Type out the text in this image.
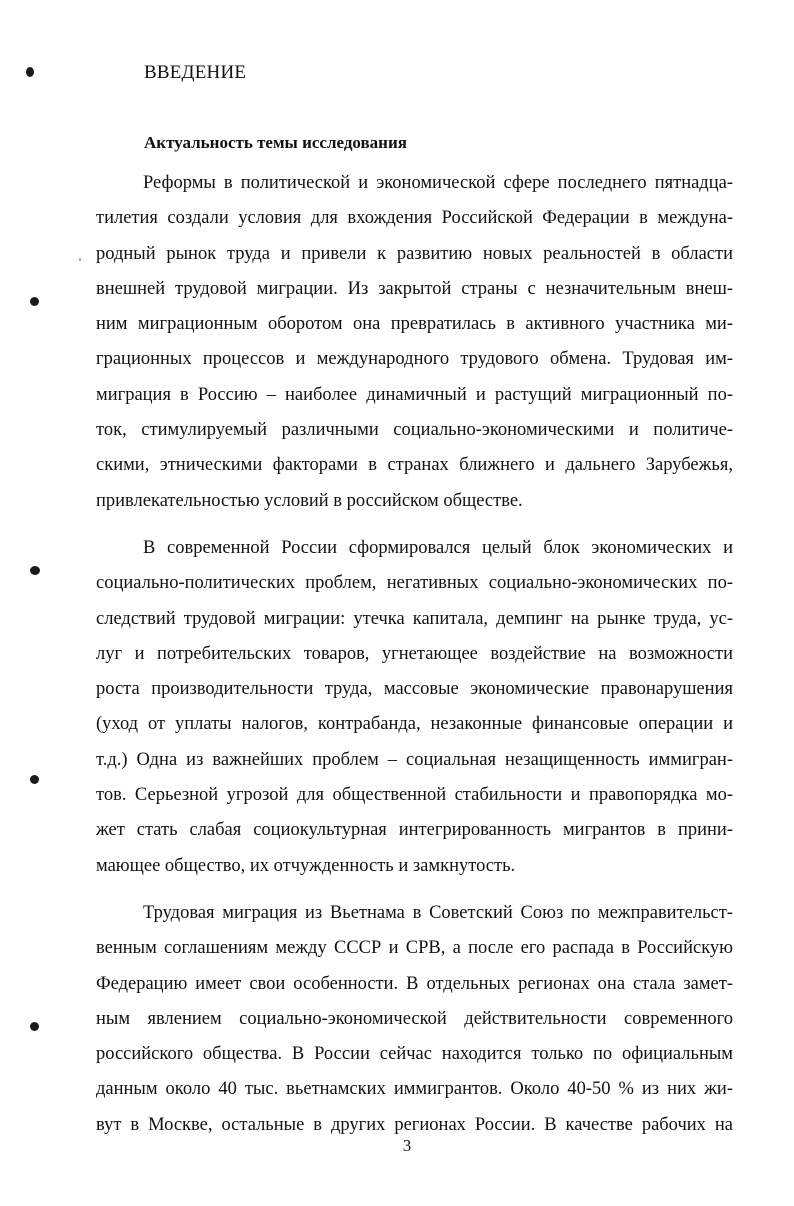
ВВЕДЕНИЕ
Актуальность темы исследования
Реформы в политической и экономической сфере последнего пятнадца-
тилетия создали условия для вхождения Российской Федерации в междуна-
родный рынок труда и привели к развитию новых реальностей в области
внешней трудовой миграции. Из закрытой страны с незначительным внеш-
ним миграционным оборотом она превратилась в активного участника ми-
грационных процессов и международного трудового обмена. Трудовая им-
миграция в Россию – наиболее динамичный и растущий миграционный по-
ток, стимулируемый различными социально-экономическими и политиче-
скими, этническими факторами в странах ближнего и дальнего Зарубежья,
привлекательностью условий в российском обществе.
В современной России сформировался целый блок экономических и
социально-политических проблем, негативных социально-экономических по-
следствий трудовой миграции: утечка капитала, демпинг на рынке труда, ус-
луг и потребительских товаров, угнетающее воздействие на возможности
роста производительности труда, массовые экономические правонарушения
(уход от уплаты налогов, контрабанда, незаконные финансовые операции и
т.д.) Одна из важнейших проблем – социальная незащищенность иммигран-
тов. Серьезной угрозой для общественной стабильности и правопорядка мо-
жет стать слабая социокультурная интегрированность мигрантов в прини-
мающее общество, их отчужденность и замкнутость.
Трудовая миграция из Вьетнама в Советский Союз по межправительст-
венным соглашениям между СССР и СРВ, а после его распада в Российскую
Федерацию имеет свои особенности. В отдельных регионах она стала замет-
ным явлением социально-экономической действительности современного
российского общества. В России сейчас находится только по официальным
данным около 40 тыс. вьетнамских иммигрантов. Около 40-50 % из них жи-
вут в Москве, остальные в других регионах России. В качестве рабочих на
3
